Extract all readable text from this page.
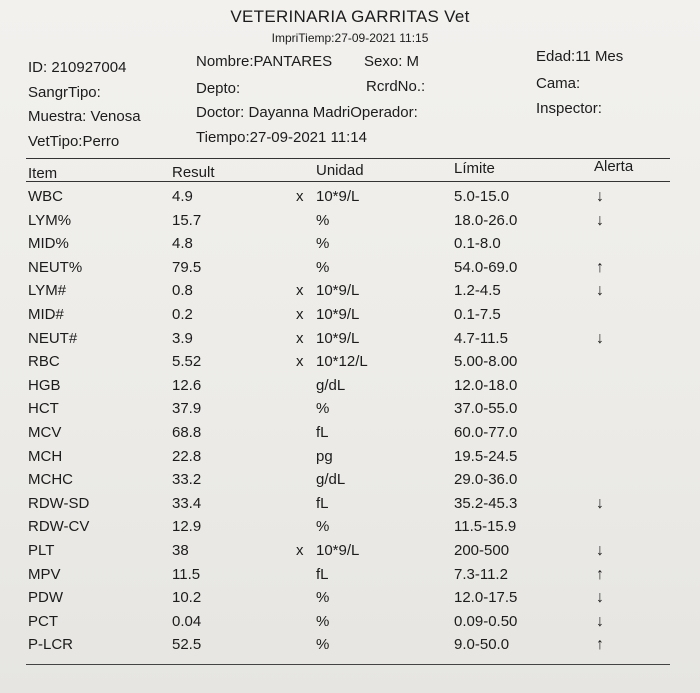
VETERINARIA GARRITAS Vet
ImpriTiemp:27-09-2021 11:15
ID: 210927004	Nombre:PANTARES Sexo: M	Edad:11 Mes
SangrTipo:	Depto:	RcrdNo.:	Cama:
Muestra: Venosa	Doctor: Dayanna MadriOperador:	Inspector:
VetTipo:Perro	Tiempo:27-09-2021 11:14
Item	Result	Unidad	Límite	Alerta
WBC	4.9	x 10*9/L	5.0-15.0	↓
LYM%	15.7	%	18.0-26.0	↓
MID%	4.8	%	0.1-8.0
NEUT%	79.5	%	54.0-69.0	↑
LYM#	0.8	x 10*9/L	1.2-4.5	↓
MID#	0.2	x 10*9/L	0.1-7.5
NEUT#	3.9	x 10*9/L	4.7-11.5	↓
RBC	5.52	x 10*12/L	5.00-8.00
HGB	12.6	g/dL	12.0-18.0
HCT	37.9	%	37.0-55.0
MCV	68.8	fL	60.0-77.0
MCH	22.8	pg	19.5-24.5
MCHC	33.2	g/dL	29.0-36.0
RDW-SD	33.4	fL	35.2-45.3	↓
RDW-CV	12.9	%	11.5-15.9
PLT	38	x 10*9/L	200-500	↓
MPV	11.5	fL	7.3-11.2	↑
PDW	10.2	%	12.0-17.5	↓
PCT	0.04	%	0.09-0.50	↓
P-LCR	52.5	%	9.0-50.0	↑
